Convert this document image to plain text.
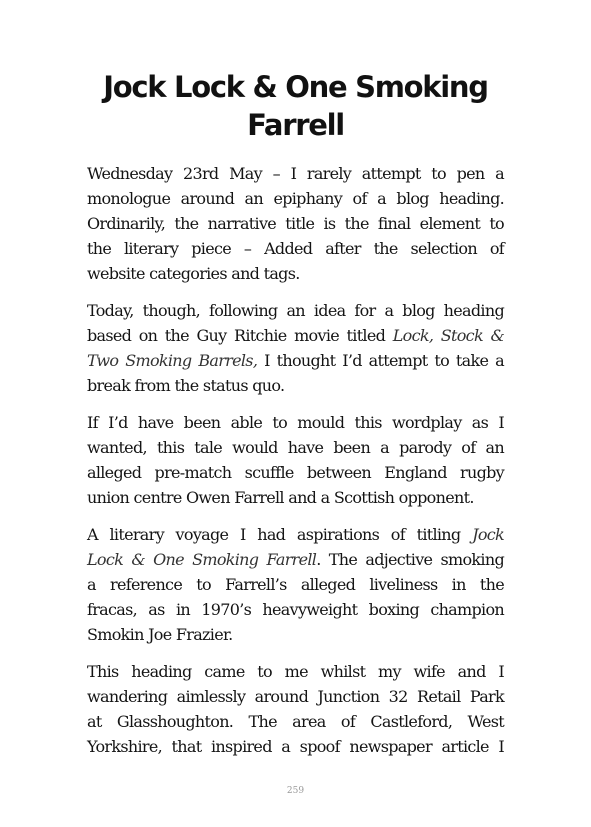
Jock Lock & One Smoking
Farrell
Wednesday 23rd May – I rarely attempt to pen a
monologue around an epiphany of a blog heading.
Ordinarily, the narrative title is the final element to
the literary piece – Added after the selection of
website categories and tags.
Today, though, following an idea for a blog heading
based on the Guy Ritchie movie titled Lock, Stock &
Two Smoking Barrels, I thought I’d attempt to take a
break from the status quo.
If I’d have been able to mould this wordplay as I
wanted, this tale would have been a parody of an
alleged pre-match scuffle between England rugby
union centre Owen Farrell and a Scottish opponent.
A literary voyage I had aspirations of titling Jock
Lock & One Smoking Farrell. The adjective smoking
a reference to Farrell’s alleged liveliness in the
fracas, as in 1970’s heavyweight boxing champion
Smokin Joe Frazier.
This heading came to me whilst my wife and I
wandering aimlessly around Junction 32 Retail Park
at Glasshoughton. The area of Castleford, West
Yorkshire, that inspired a spoof newspaper article I
259
